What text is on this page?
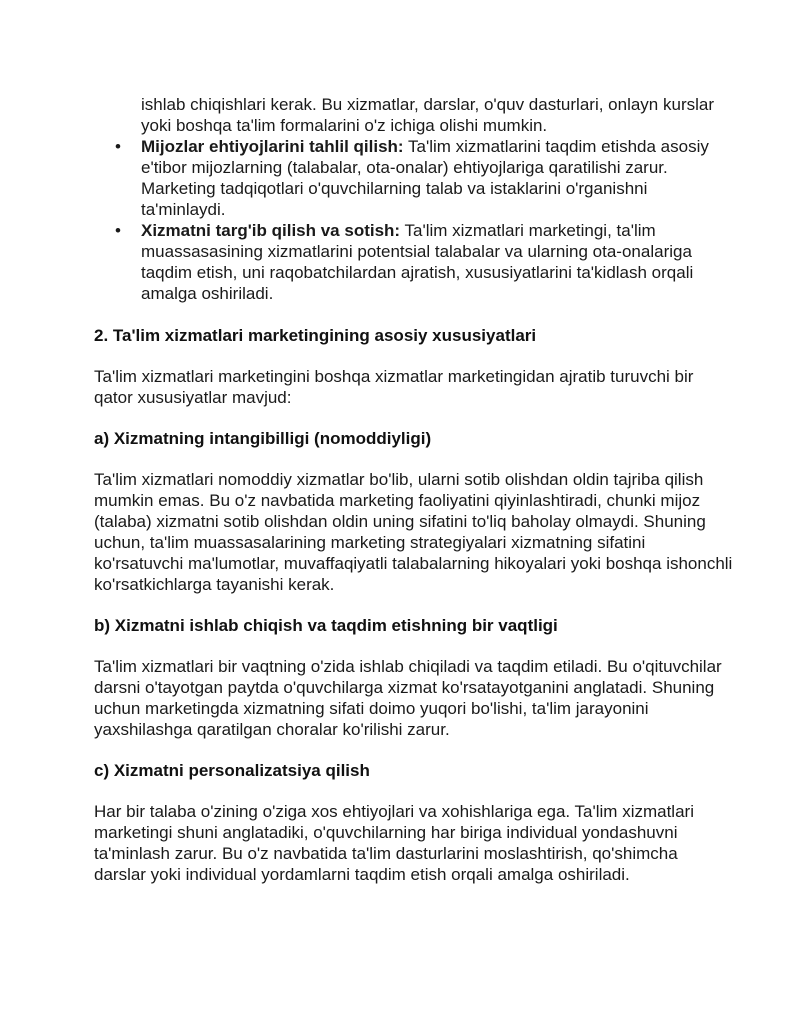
ishlab chiqishlari kerak. Bu xizmatlar, darslar, o'quv dasturlari, onlayn kurslar yoki boshqa ta'lim formalarini o'z ichiga olishi mumkin.

• Mijozlar ehtiyojlarini tahlil qilish: Ta'lim xizmatlarini taqdim etishda asosiy e'tibor mijozlarning (talabalar, ota-onalar) ehtiyojlariga qaratilishi zarur. Marketing tadqiqotlari o'quvchilarning talab va istaklarini o'rganishni ta'minlaydi.
• Xizmatni targ'ib qilish va sotish: Ta'lim xizmatlari marketingi, ta'lim muassasasining xizmatlarini potentsial talabalar va ularning ota-onalariga taqdim etish, uni raqobatchilardan ajratish, xususiyatlarini ta'kidlash orqali amalga oshiriladi.
2. Ta'lim xizmatlari marketingining asosiy xususiyatlari

Ta'lim xizmatlari marketingini boshqa xizmatlar marketingidan ajratib turuvchi bir qator xususiyatlar mavjud:

a) Xizmatning intangibilligi (nomoddiyligi)

Ta'lim xizmatlari nomoddiy xizmatlar bo'lib, ularni sotib olishdan oldin tajriba qilish mumkin emas. Bu o'z navbatida marketing faoliyatini qiyinlashtiradi, chunki mijoz (talaba) xizmatni sotib olishdan oldin uning sifatini to'liq baholay olmaydi. Shuning uchun, ta'lim muassasalarining marketing strategiyalari xizmatning sifatini ko'rsatuvchi ma'lumotlar, muvaffaqiyatli talabalarning hikoyalari yoki boshqa ishonchli ko'rsatkichlarga tayanishi kerak.

b) Xizmatni ishlab chiqish va taqdim etishning bir vaqtligi

Ta'lim xizmatlari bir vaqtning o'zida ishlab chiqiladi va taqdim etiladi. Bu o'qituvchilar darsni o'tayotgan paytda o'quvchilarga xizmat ko'rsatayotganini anglatadi. Shuning uchun marketingda xizmatning sifati doimo yuqori bo'lishi, ta'lim jarayonini yaxshilashga qaratilgan choralar ko'rilishi zarur.

c) Xizmatni personalizatsiya qilish

Har bir talaba o'zining o'ziga xos ehtiyojlari va xohishlariga ega. Ta'lim xizmatlari marketingi shuni anglatadiki, o'quvchilarning har biriga individual yondashuvni ta'minlash zarur. Bu o'z navbatida ta'lim dasturlarini moslashtirish, qo'shimcha darslar yoki individual yordamlarni taqdim etish orqali amalga oshiriladi.
